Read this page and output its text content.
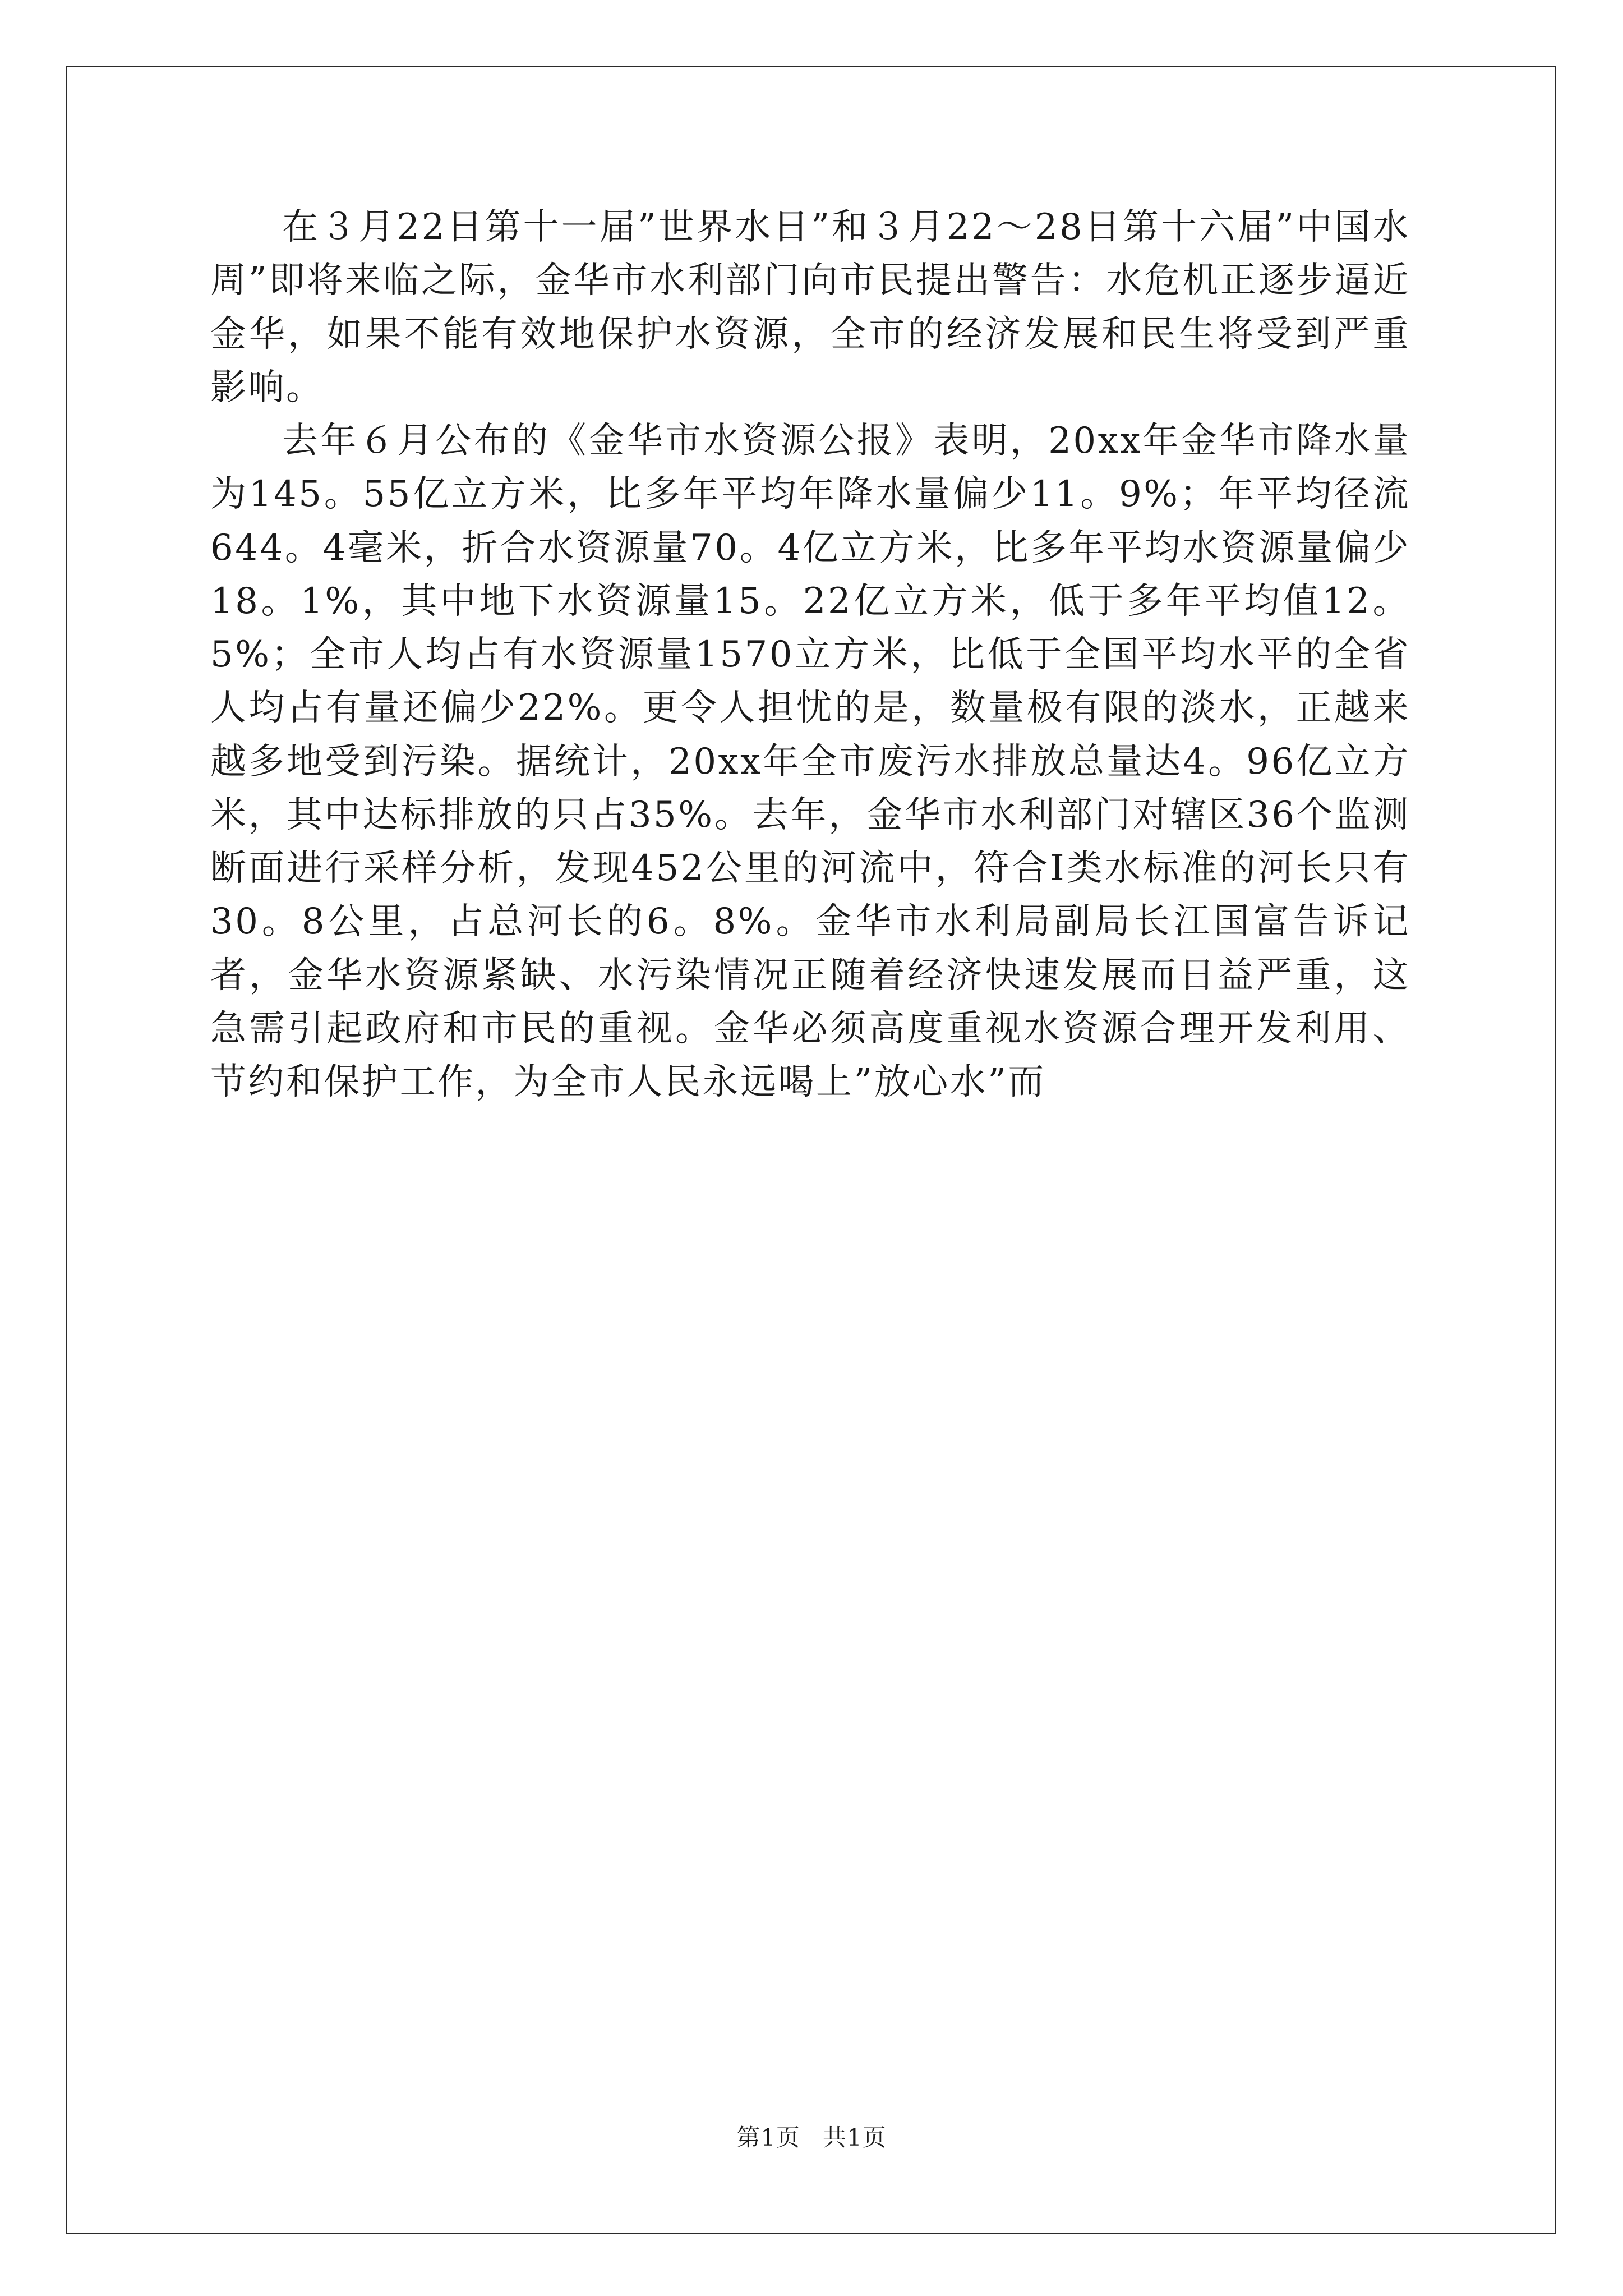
在３月22日第十一届”世界水日”和３月22～28日第十六届”中国水周”即将来临之际，金华市水利部门向市民提出警告：水危机正逐步逼近金华，如果不能有效地保护水资源，全市的经济发展和民生将受到严重影响。

去年６月公布的《金华市水资源公报》表明，20xx年金华市降水量为145。55亿立方米，比多年平均年降水量偏少11。9%；年平均径流644。4毫米，折合水资源量70。4亿立方米，比多年平均水资源量偏少18。1%，其中地下水资源量15。22亿立方米，低于多年平均值12。5%；全市人均占有水资源量1570立方米，比低于全国平均水平的全省人均占有量还偏少22%。更令人担忧的是，数量极有限的淡水，正越来越多地受到污染。据统计，20xx年全市废污水排放总量达4。96亿立方米，其中达标排放的只占35%。去年，金华市水利部门对辖区36个监测断面进行采样分析，发现452公里的河流中，符合Ⅰ类水标准的河长只有30。8公里，占总河长的6。8%。金华市水利局副局长江国富告诉记者，金华水资源紧缺、水污染情况正随着经济快速发展而日益严重，这急需引起政府和市民的重视。金华必须高度重视水资源合理开发利用、节约和保护工作，为全市人民永远喝上”放心水”而

第1页 共1页
